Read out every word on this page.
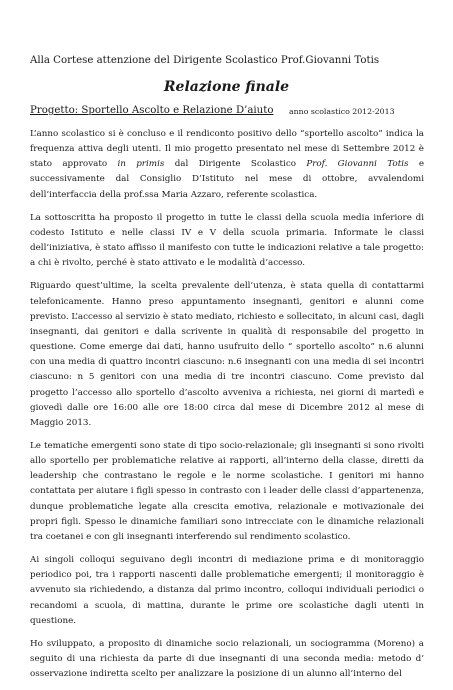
Alla Cortese attenzione del Dirigente Scolastico Prof.Giovanni Totis
Relazione finale
Progetto: Sportello Ascolto e Relazione D’aiuto anno scolastico 2012-2013

L’anno scolastico si è concluso e il rendiconto positivo dello “sportello ascolto” indica la frequenza attiva degli utenti. Il mio progetto presentato nel mese di Settembre 2012 è stato approvato in primis dal Dirigente Scolastico Prof. Giovanni Totis e successivamente dal Consiglio D’Istituto nel mese di ottobre, avvalendomi dell’interfaccia della prof.ssa Maria Azzaro, referente scolastica.

La sottoscritta ha proposto il progetto in tutte le classi della scuola media inferiore di codesto Istituto e nelle classi IV e V della scuola primaria. Informate le classi dell’iniziativa, è stato affisso il manifesto con tutte le indicazioni relative a tale progetto: a chi è rivolto, perché è stato attivato e le modalità d’accesso.

Riguardo quest’ultime, la scelta prevalente dell’utenza, è stata quella di contattarmi telefonicamente. Hanno preso appuntamento insegnanti, genitori e alunni come previsto. L’accesso al servizio è stato mediato, richiesto e sollecitato, in alcuni casi, dagli insegnanti, dai genitori e dalla scrivente in qualità di responsabile del progetto in questione. Come emerge dai dati, hanno usufruito dello “ sportello ascolto” n.6 alunni con una media di quattro incontri ciascuno: n.6 insegnanti con una media di sei incontri ciascuno: n 5 genitori con una media di tre incontri ciascuno. Come previsto dal progetto l’accesso allo sportello d’ascolto avveniva a richiesta, nei giorni di martedì e giovedì dalle ore 16:00 alle ore 18:00 circa dal mese di Dicembre 2012 al mese di Maggio 2013.

Le tematiche emergenti sono state di tipo socio-relazionale; gli insegnanti si sono rivolti allo sportello per problematiche relative ai rapporti, all’interno della classe, diretti da leadership che contrastano le regole e le norme scolastiche. I genitori mi hanno contattata per aiutare i figli spesso in contrasto con i leader delle classi d’appartenenza, dunque problematiche legate alla crescita emotiva, relazionale e motivazionale dei propri figli. Spesso le dinamiche familiari sono intrecciate con le dinamiche relazionali tra coetanei e con gli insegnanti interferendo sul rendimento scolastico.

Ai singoli colloqui seguivano degli incontri di mediazione prima e di monitoraggio periodico poi, tra i rapporti nascenti dalle problematiche emergenti; il monitoraggio è avvenuto sia richiedendo, a distanza dal primo incontro, colloqui individuali periodici o recandomi a scuola, di mattina, durante le prime ore scolastiche dagli utenti in questione.

Ho sviluppato, a proposito di dinamiche socio relazionali, un sociogramma (Moreno) a seguito di una richiesta da parte di due insegnanti di una seconda media: metodo d’ osservazione indiretta scelto per analizzare la posizione di un alunno all’interno del
